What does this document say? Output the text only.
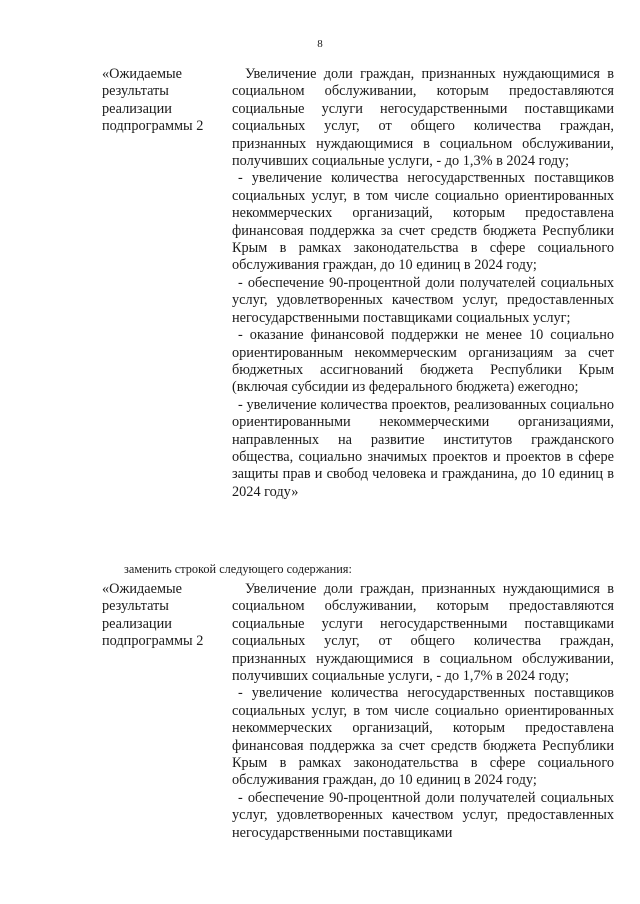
8
«Ожидаемые
результаты
реализации
подпрограммы 2

Увеличение доли граждан, признанных нуждающимися в социальном обслуживании, которым предоставляются социальные услуги негосударственными поставщиками социальных услуг, от общего количества граждан, признанных нуждающимися в социальном обслуживании, получивших социальные услуги, - до 1,3% в 2024 году;

- увеличение количества негосударственных поставщиков социальных услуг, в том числе социально ориентированных некоммерческих организаций, которым предоставлена финансовая поддержка за счет средств бюджета Республики Крым в рамках законодательства в сфере социального обслуживания граждан, до 10 единиц в 2024 году;

- обеспечение 90-процентной доли получателей социальных услуг, удовлетворенных качеством услуг, предоставленных негосударственными поставщиками социальных услуг;

- оказание финансовой поддержки не менее 10 социально ориентированным некоммерческим организациям за счет бюджетных ассигнований бюджета Республики Крым (включая субсидии из федерального бюджета) ежегодно;

- увеличение количества проектов, реализованных социально ориентированными некоммерческими организациями, направленных на развитие институтов гражданского общества, социально значимых проектов и проектов в сфере защиты прав и свобод человека и гражданина, до 10 единиц в 2024 году»

заменить строкой следующего содержания:
«Ожидаемые
результаты
реализации
подпрограммы 2

Увеличение доли граждан, признанных нуждающимися в социальном обслуживании, которым предоставляются социальные услуги негосударственными поставщиками социальных услуг, от общего количества граждан, признанных нуждающимися в социальном обслуживании, получивших социальные услуги, - до 1,7% в 2024 году;

- увеличение количества негосударственных поставщиков социальных услуг, в том числе социально ориентированных некоммерческих организаций, которым предоставлена финансовая поддержка за счет средств бюджета Республики Крым в рамках законодательства в сфере социального обслуживания граждан, до 10 единиц в 2024 году;

- обеспечение 90-процентной доли получателей социальных услуг, удовлетворенных качеством услуг, предоставленных негосударственными поставщиками
